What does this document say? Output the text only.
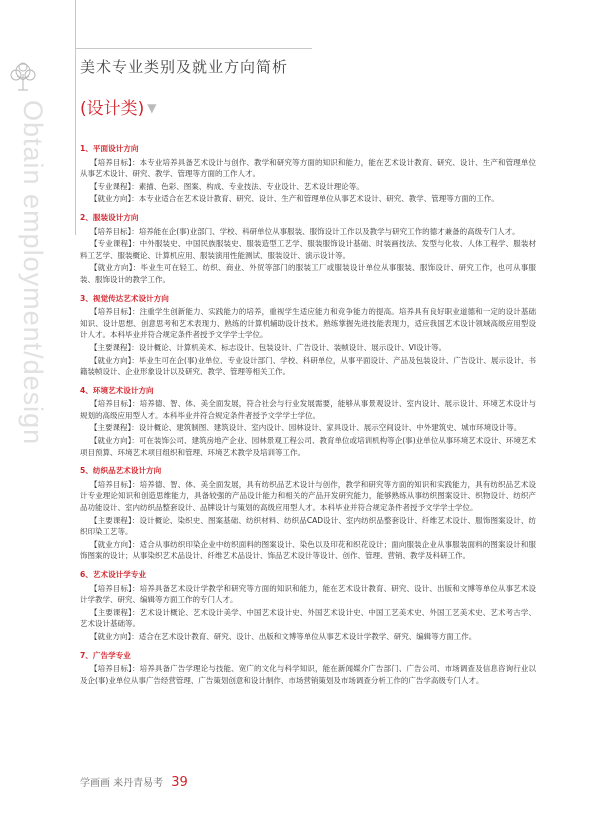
Obtain employment/design
美术专业类别及就业方向简析
(设计类) ▼
1、平面设计方向

【培养目标】：本专业培养具备艺术设计与创作、教学和研究等方面的知识和能力，能在艺术设计教育、研究、设计、生产和管理单位从事艺术设计、研究、教学、管理等方面的工作人才。

【专业课程】：素描、色彩、图案、构成、专业技法、专业设计、艺术设计理论等。

【就业方向】：本专业适合在艺术设计教育、研究、设计、生产和管理单位从事艺术设计、研究、教学、管理等方面的工作。

2、服装设计方向

【培养目标】：培养能在企(事)业部门、学校、科研单位从事服装、服饰设计工作以及教学与研究工作的德才兼备的高级专门人才。

【专业课程】：中外服装史、中国民族服装史、服装造型工艺学、服装服饰设计基础、时装画技法、发型与化妆、人体工程学、服装材料工艺学、服装概论、计算机应用、服装演用性能测试、服装设计、演示设计等。

【就业方向】：毕业生可在轻工、纺织、商业、外贸等部门的服装工厂或服装设计单位从事服装、服饰设计、研究工作，也可从事服装、服饰设计的教学工作。

3、视觉传达艺术设计方向

【培养目标】：注重学生创新能力、实践能力的培养，重视学生适应能力和竞争能力的提高。培养具有良好职业道德和一定的设计基础知识、设计思想、创意思考和艺术表现力、熟练的计算机辅助设计技术。熟练掌握先进技能表现力，适应我国艺术设计领域高级应用型设计人才。本科毕业并符合规定条件者授予文学学士学位。

【主要课程】：设计概论、计算机美术、标志设计、包装设计、广告设计、装帧设计、展示设计、VI设计等。

【就业方向】：毕业生可在企(事)业单位、专业设计部门、学校、科研单位，从事平面设计、产品及包装设计、广告设计、展示设计、书籍装帧设计、企业形象设计以及研究、教学、管理等相关工作。

4、环境艺术设计方向

【培养目标】：培养德、智、体、美全面发展，符合社会与行业发展需要，能够从事景观设计、室内设计、展示设计、环境艺术设计与规划的高级应用型人才。本科毕业并符合规定条件者授予文学学士学位。

【主要课程】：设计概论、建筑制图、建筑设计、室内设计、园林设计、家具设计、展示空间设计、中外建筑史、城市环境设计等。

【就业方向】：可在装饰公司、建筑房地产企业、园林景观工程公司、教育单位或培训机构等企(事)业单位从事环境艺术设计、环境艺术项目预算、环境艺术项目组织和管理、环境艺术教学及培训等工作。

5、纺织品艺术设计方向

【培养目标】：培养德、智、体、美全面发展，具有纺织品艺术设计与创作，教学和研究等方面的知识和实践能力，具有纺织品艺术设计专业理论知识和创造思维能力，具备较强的产品设计能力和相关的产品开发研究能力，能够熟练从事纺织图案设计、织物设计、纺织产品功能设计、室内纺织品整套设计、品牌设计与策划的高级应用型人才。本科毕业并符合规定条件者授予文学学士学位。

【主要课程】：设计概论、染织史、图案基础、纺织材料、纺织品CAD设计、室内纺织品整套设计、纤维艺术设计、服饰图案设计、纺织印染工艺等。

【就业方向】：适合从事纺织印染企业中纺织面料的图案设计、染色以及印花和织花设计；面向服装企业从事服装面料的图案设计和服饰图案的设计；从事染织艺术品设计、纤维艺术品设计、饰品艺术设计等设计、创作、管理、营销、教学及科研工作。

6、艺术设计学专业

【培养目标】：培养具备艺术设计学教学和研究等方面的知识和能力，能在艺术设计教育、研究、设计、出版和文博等单位从事艺术设计学教学、研究、编辑等方面工作的专门人才。

【主要课程】：艺术设计概论、艺术设计美学、中国艺术设计史、外国艺术设计史、中国工艺美术史、外国工艺美术史、艺术考古学、艺术设计基础等。

【就业方向】：适合在艺术设计教育、研究、设计、出版和文博等单位从事艺术设计学教学、研究、编辑等方面工作。

7、广告学专业

【培养目标】：培养具备广告学理论与技能、宽广的文化与科学知识，能在新闻媒介广告部门、广告公司、市场调查及信息咨询行业以及企(事)业单位从事广告经营管理、广告策划创意和设计制作、市场营销策划及市场调查分析工作的广告学高级专门人才。

学画画 来丹青易考 39
